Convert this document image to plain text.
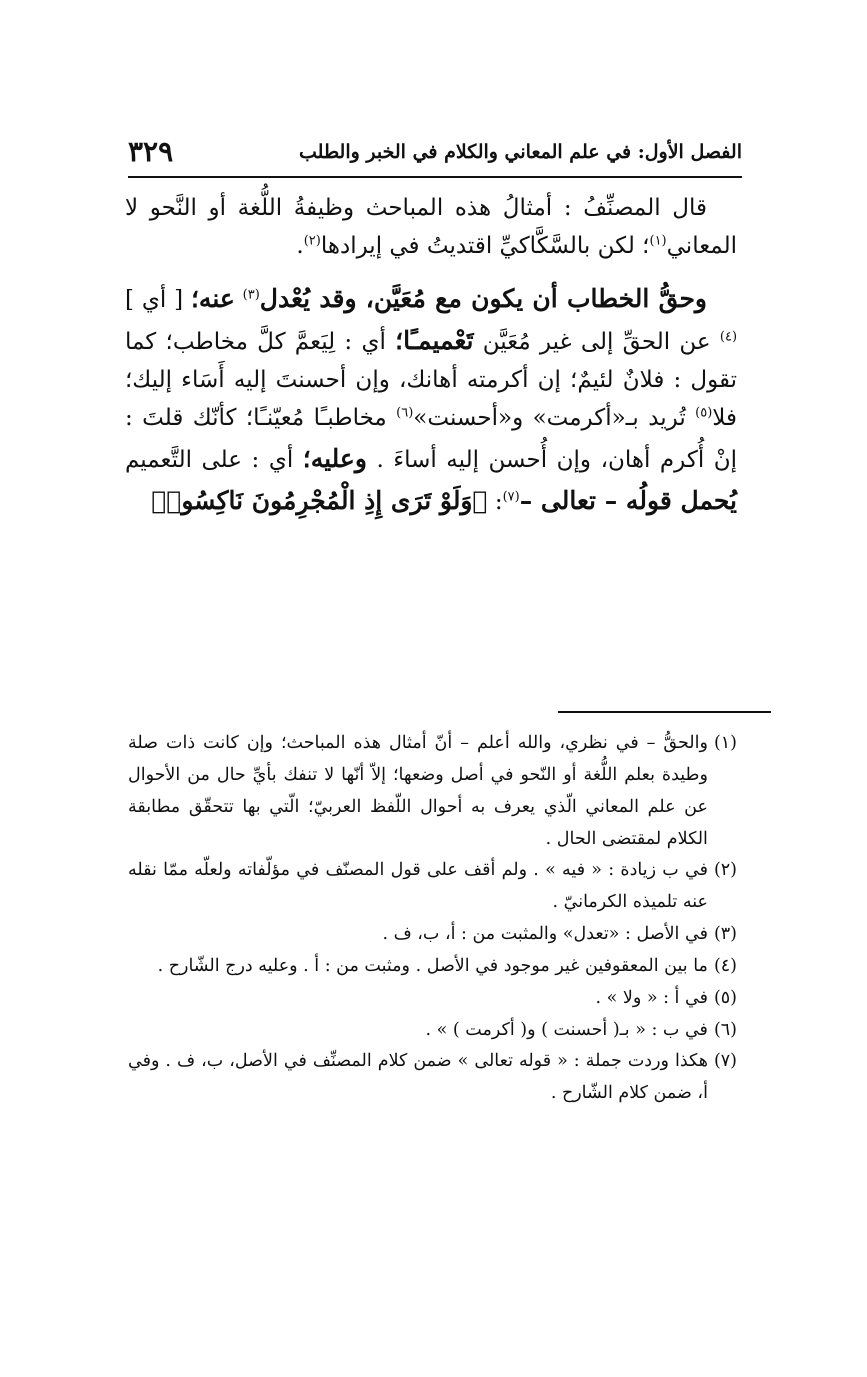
الفصل الأول: في علم المعاني والكلام في الخبر والطلب
٣٢٩

قال المصنِّفُ : أمثالُ هذه المباحث وظيفةُ اللُّغة أو النَّحو لا المعاني$^{(١)}$؛ لكن بالسَّكَّاكيِّ اقتديتُ في إيرادها$^{(٢)}$.

وحقُّ الخطاب أن يكون مع مُعَيَّن، وقد يُعْدل$^{(٣)}$ عنه؛ [ أي ]$^{(٤)}$ عن الحقِّ إلى غير مُعَيَّن تَعْميمـًا؛ أي : لِيَعمَّ كلَّ مخاطب؛ كما تقول : فلانٌ لئيمٌ؛ إن أكرمته أهانك، وإن أحسنتَ إليه أَسَاء إليك؛ فلا$^{(٥)}$ تُريد بـ«أكرمت» و«أحسنت»$^{(٦)}$ مخاطبـًا مُعيّنـًا؛ كأنّك قلتَ : إنْ أُكرم أهان، وإن أُحسن إليه أساءَ . وعليه؛ أي : على التَّعميم يُحمل قولُه – تعالى –$^{(٧)}$: ﴿وَلَوْ تَرَى إِذِ الْمُجْرِمُونَ نَاكِسُوا۟

(١)
والحقُّ – في نظري، والله أعلم – أنّ أمثال هذه المباحث؛ وإن كانت ذات صلة وطيدة بعلم اللُّغة أو النّحو في أصل وضعها؛ إلاّ أنّها لا تنفك بأيِّ حال من الأحوال عن علم المعاني الّذي يعرف به أحوال اللّفظ العربيّ؛ الّتي بها تتحقّق مطابقة الكلام لمقتضى الحال .
(٢)
في ب زيادة : « فيه » . ولم أقف على قول المصنّف في مؤلّفاته ولعلّه ممّا نقله عنه تلميذه الكرمانيّ .
(٣)
في الأصل : «تعدل» والمثبت من : أ، ب، ف .
(٤)
ما بين المعقوفين غير موجود في الأصل . ومثبت من : أ . وعليه درج الشّارح .
(٥)
في أ : « ولا » .
(٦)
في ب : « بـ( أحسنت ) و( أكرمت ) » .
(٧)
هكذا وردت جملة : « قوله تعالى » ضمن كلام المصنِّف في الأصل، ب، ف . وفي أ، ضمن كلام الشّارح .
